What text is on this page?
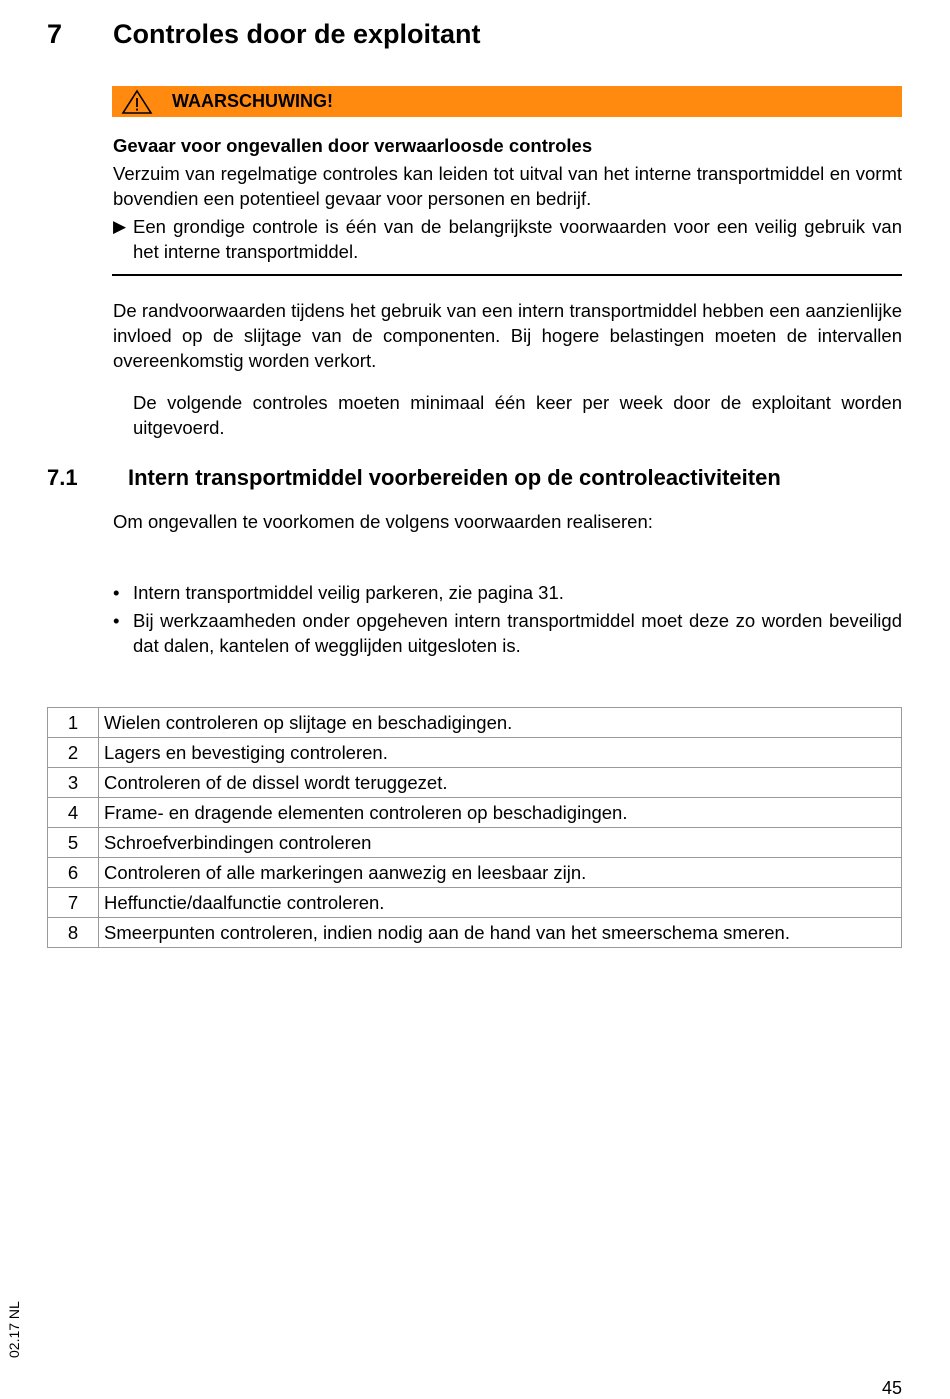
7 Controles door de exploitant
WAARSCHUWING!
Gevaar voor ongevallen door verwaarloosde controles
Verzuim van regelmatige controles kan leiden tot uitval van het interne transportmiddel en vormt bovendien een potentieel gevaar voor personen en bedrijf.
▶ Een grondige controle is één van de belangrijkste voorwaarden voor een veilig gebruik van het interne transportmiddel.
De randvoorwaarden tijdens het gebruik van een intern transportmiddel hebben een aanzienlijke invloed op de slijtage van de componenten. Bij hogere belastingen moeten de intervallen overeenkomstig worden verkort.
De volgende controles moeten minimaal één keer per week door de exploitant worden uitgevoerd.
7.1 Intern transportmiddel voorbereiden op de controleactiviteiten
Om ongevallen te voorkomen de volgens voorwaarden realiseren:
• Intern transportmiddel veilig parkeren, zie pagina 31.
• Bij werkzaamheden onder opgeheven intern transportmiddel moet deze zo worden beveiligd dat dalen, kantelen of wegglijden uitgesloten is.
1	Wielen controleren op slijtage en beschadigingen.
2	Lagers en bevestiging controleren.
3	Controleren of de dissel wordt teruggezet.
4	Frame- en dragende elementen controleren op beschadigingen.
5	Schroefverbindingen controleren
6	Controleren of alle markeringen aanwezig en leesbaar zijn.
7	Heffunctie/daalfunctie controleren.
8	Smeerpunten controleren, indien nodig aan de hand van het smeerschema smeren.
02.17 NL
45
